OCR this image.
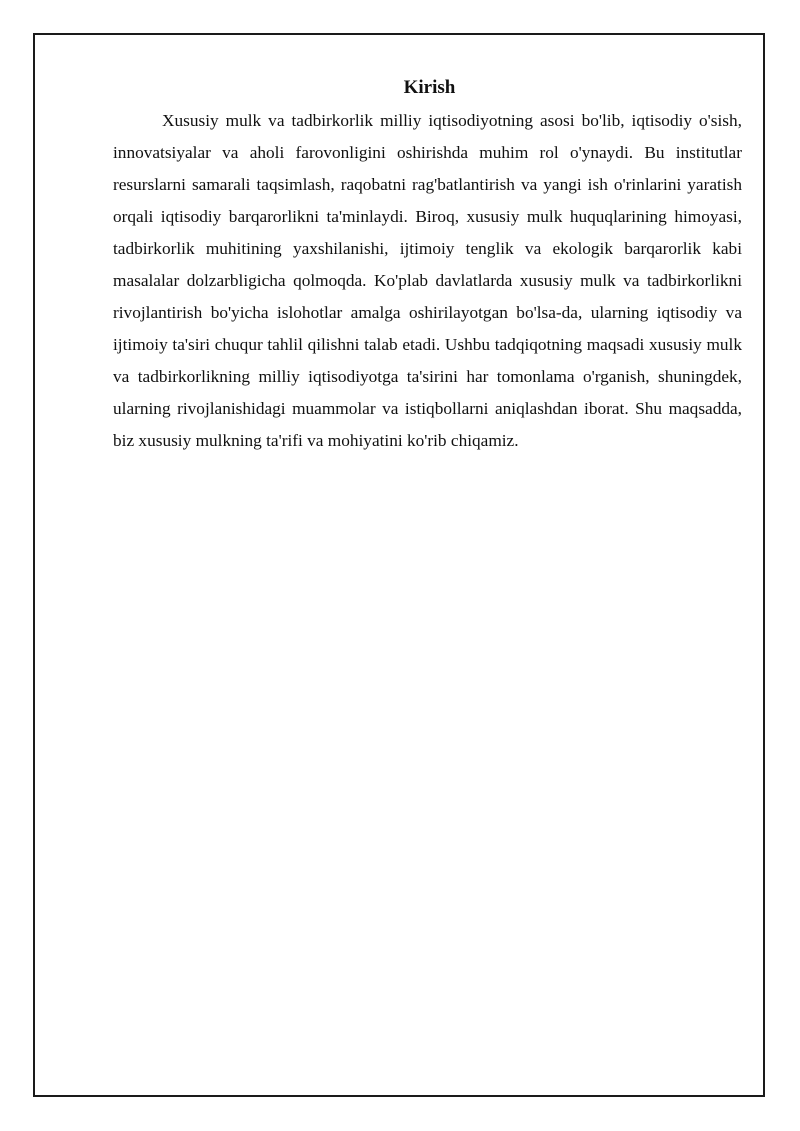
Kirish

Xususiy mulk va tadbirkorlik milliy iqtisodiyotning asosi bo'lib, iqtisodiy o'sish, innovatsiyalar va aholi farovonligini oshirishda muhim rol o'ynaydi. Bu institutlar resurslarni samarali taqsimlash, raqobatni rag'batlantirish va yangi ish o'rinlarini yaratish orqali iqtisodiy barqarorlikni ta'minlaydi. Biroq, xususiy mulk huquqlarining himoyasi, tadbirkorlik muhitining yaxshilanishi, ijtimoiy tenglik va ekologik barqarorlik kabi masalalar dolzarbligicha qolmoqda. Ko'plab davlatlarda xususiy mulk va tadbirkorlikni rivojlantirish bo'yicha islohotlar amalga oshirilayotgan bo'lsa-da, ularning iqtisodiy va ijtimoiy ta'siri chuqur tahlil qilishni talab etadi. Ushbu tadqiqotning maqsadi xususiy mulk va tadbirkorlikning milliy iqtisodiyotga ta'sirini har tomonlama o'rganish, shuningdek, ularning rivojlanishidagi muammolar va istiqbollarni aniqlashdan iborat. Shu maqsadda, biz xususiy mulkning ta'rifi va mohiyatini ko'rib chiqamiz.
